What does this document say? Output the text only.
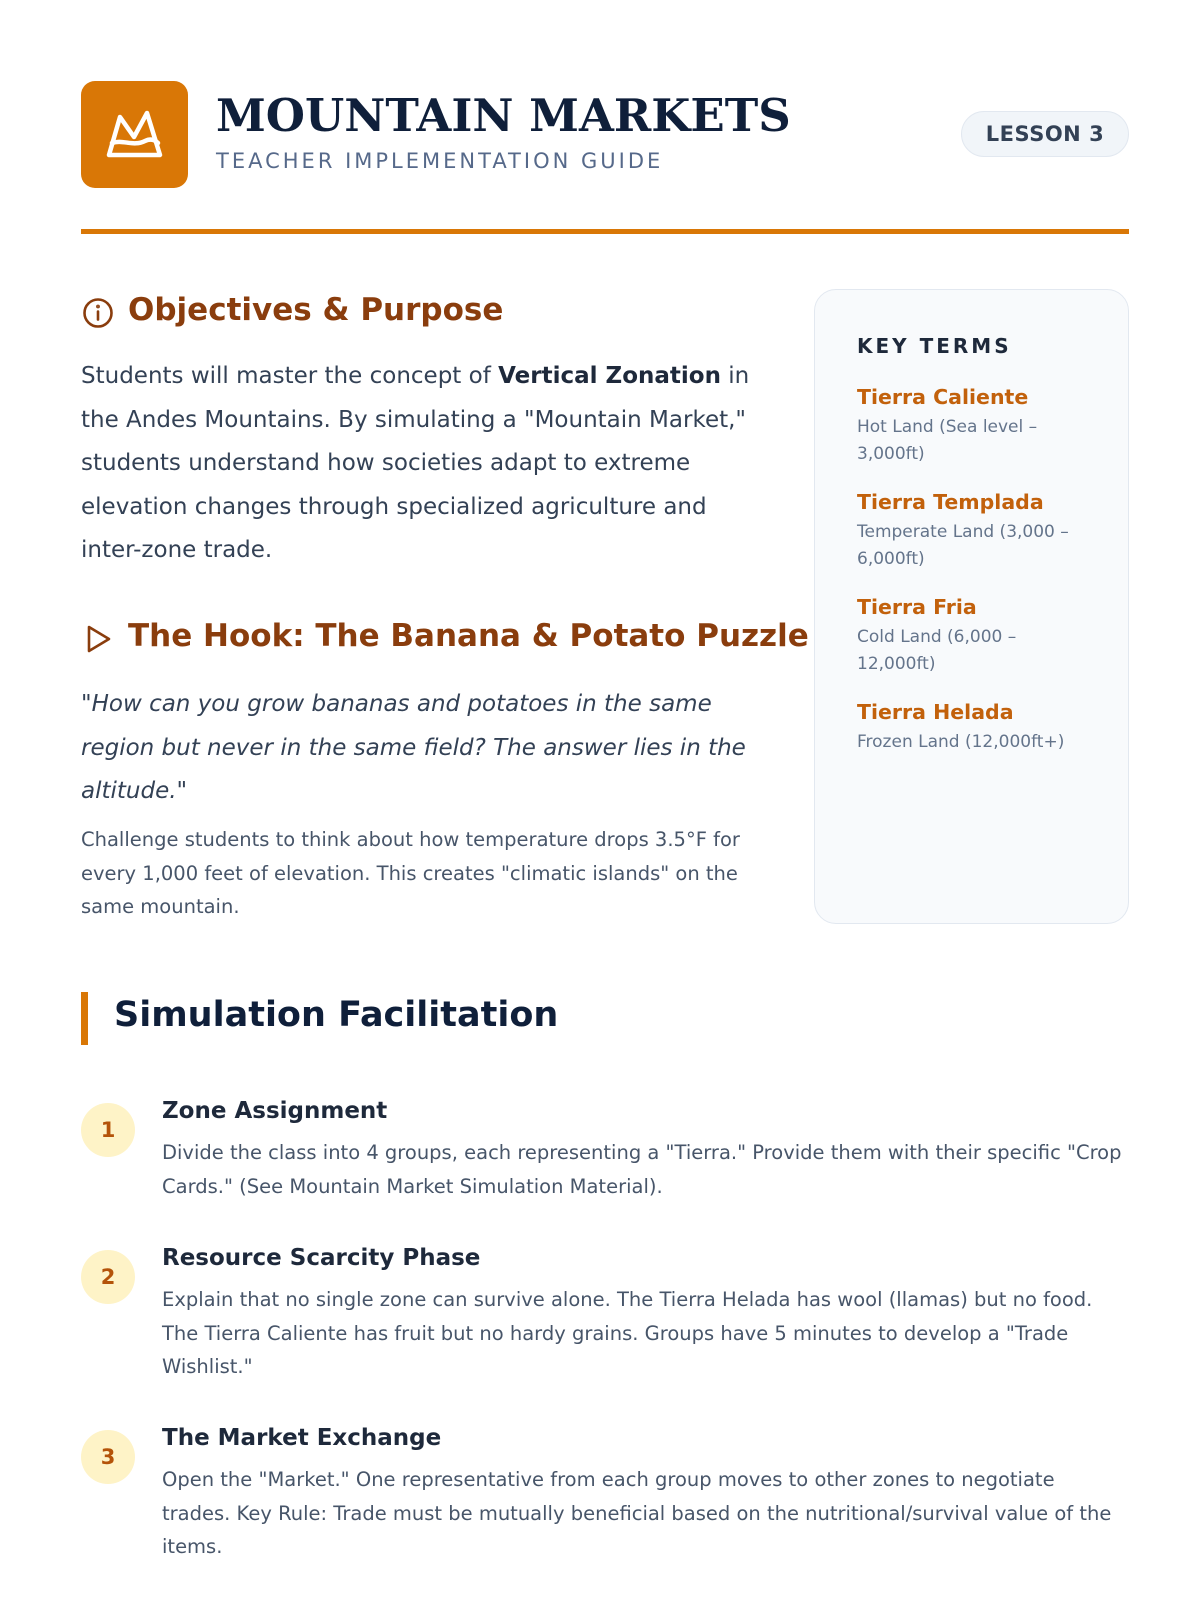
MOUNTAIN MARKETS
TEACHER IMPLEMENTATION GUIDE
LESSON 3
Objectives & Purpose
Students will master the concept of Vertical Zonation in the Andes Mountains. By simulating a "Mountain Market," students understand how societies adapt to extreme elevation changes through specialized agriculture and inter-zone trade.
The Hook: The Banana & Potato Puzzle
"How can you grow bananas and potatoes in the same region but never in the same field? The answer lies in the altitude."
Challenge students to think about how temperature drops 3.5°F for every 1,000 feet of elevation. This creates "climatic islands" on the same mountain.
KEY TERMS
Tierra Caliente
Hot Land (Sea level – 3,000ft)
Tierra Templada
Temperate Land (3,000 – 6,000ft)
Tierra Fria
Cold Land (6,000 – 12,000ft)
Tierra Helada
Frozen Land (12,000ft+)
Simulation Facilitation
1
Zone Assignment
Divide the class into 4 groups, each representing a "Tierra." Provide them with their specific "Crop Cards." (See Mountain Market Simulation Material).
2
Resource Scarcity Phase
Explain that no single zone can survive alone. The Tierra Helada has wool (llamas) but no food. The Tierra Caliente has fruit but no hardy grains. Groups have 5 minutes to develop a "Trade Wishlist."
3
The Market Exchange
Open the "Market." One representative from each group moves to other zones to negotiate trades. Key Rule: Trade must be mutually beneficial based on the nutritional/survival value of the items.
